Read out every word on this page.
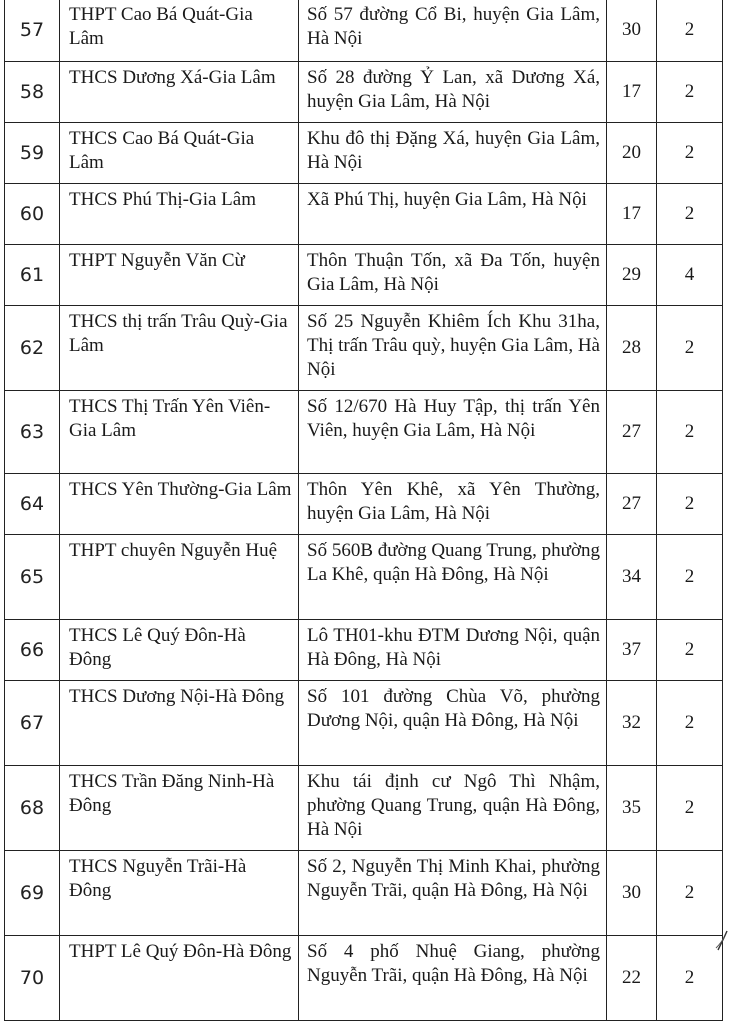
57	THPT Cao Bá Quát-Gia Lâm	Số 57 đường Cổ Bi, huyện Gia Lâm, Hà Nội	30	2
58	THCS Dương Xá-Gia Lâm	Số 28 đường Ỷ Lan, xã Dương Xá, huyện Gia Lâm, Hà Nội	17	2
59	THCS Cao Bá Quát-Gia Lâm	Khu đô thị Đặng Xá, huyện Gia Lâm, Hà Nội	20	2
60	THCS Phú Thị-Gia Lâm	Xã Phú Thị, huyện Gia Lâm, Hà Nội	17	2
61	THPT Nguyễn Văn Cừ	Thôn Thuận Tốn, xã Đa Tốn, huyện Gia Lâm, Hà Nội	29	4
62	THCS thị trấn Trâu Quỳ-Gia Lâm	Số 25 Nguyễn Khiêm Ích Khu 31ha, Thị trấn Trâu quỳ, huyện Gia Lâm, Hà Nội	28	2
63	THCS Thị Trấn Yên Viên-Gia Lâm	Số 12/670 Hà Huy Tập, thị trấn Yên Viên, huyện Gia Lâm, Hà Nội	27	2
64	THCS Yên Thường-Gia Lâm	Thôn Yên Khê, xã Yên Thường, huyện Gia Lâm, Hà Nội	27	2
65	THPT chuyên Nguyễn Huệ	Số 560B đường Quang Trung, phường La Khê, quận Hà Đông, Hà Nội	34	2
66	THCS Lê Quý Đôn-Hà Đông	Lô TH01-khu ĐTM Dương Nội, quận Hà Đông, Hà Nội	37	2
67	THCS Dương Nội-Hà Đông	Số 101 đường Chùa Võ, phường Dương Nội, quận Hà Đông, Hà Nội	32	2
68	THCS Trần Đăng Ninh-Hà Đông	Khu tái định cư Ngô Thì Nhậm, phường Quang Trung, quận Hà Đông, Hà Nội	35	2
69	THCS Nguyễn Trãi-Hà Đông	Số 2, Nguyễn Thị Minh Khai, phường Nguyễn Trãi, quận Hà Đông, Hà Nội	30	2
70	THPT Lê Quý Đôn-Hà Đông	Số 4 phố Nhuệ Giang, phường Nguyễn Trãi, quận Hà Đông, Hà Nội	22	2
